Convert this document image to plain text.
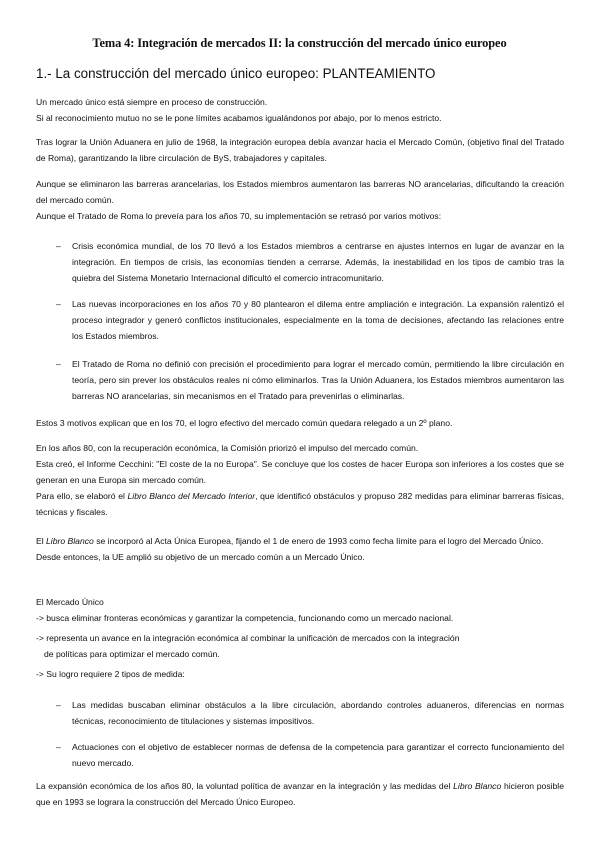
Tema 4: Integración de mercados II: la construcción del mercado único europeo
1.- La construcción del mercado único europeo: PLANTEAMIENTO

Un mercado único está siempre en proceso de construcción.

Si al reconocimiento mutuo no se le pone límites acabamos igualándonos por abajo, por lo menos estricto.

Tras lograr la Unión Aduanera en julio de 1968, la integración europea debía avanzar hacia el Mercado Común, (objetivo final del Tratado de Roma), garantizando la libre circulación de ByS, trabajadores y capitales.
Aunque se eliminaron las barreras arancelarias, los Estados miembros aumentaron las barreras NO arancelarias, dificultando la creación del mercado común.
Aunque el Tratado de Roma lo preveía para los años 70, su implementación se retrasó por varios motivos:
– Crisis económica mundial, de los 70 llevó a los Estados miembros a centrarse en ajustes internos en lugar de avanzar en la integración. En tiempos de crisis, las economías tienden a cerrarse. Además, la inestabilidad en los tipos de cambio tras la quiebra del Sistema Monetario Internacional dificultó el comercio intracomunitario.
– Las nuevas incorporaciones en los años 70 y 80 plantearon el dilema entre ampliación e integración. La expansión ralentizó el proceso integrador y generó conflictos institucionales, especialmente en la toma de decisiones, afectando las relaciones entre los Estados miembros.
– El Tratado de Roma no definió con precisión el procedimiento para lograr el mercado común, permitiendo la libre circulación en teoría, pero sin prever los obstáculos reales ni cómo eliminarlos. Tras la Unión Aduanera, los Estados miembros aumentaron las barreras NO arancelarias, sin mecanismos en el Tratado para prevenirlas o eliminarlas.
Estos 3 motivos explican que en los 70, el logro efectivo del mercado común quedara relegado a un 2º plano.

En los años 80, con la recuperación económica, la Comisión priorizó el impulso del mercado común.

Esta creó, el Informe Cecchini: "El coste de la no Europa". Se concluye que los costes de hacer Europa son inferiores a los costes que se generan en una Europa sin mercado común.

Para ello, se elaboró el Libro Blanco del Mercado Interior, que identificó obstáculos y propuso 282 medidas para eliminar barreras físicas, técnicas y fiscales.

El Libro Blanco se incorporó al Acta Única Europea, fijando el 1 de enero de 1993 como fecha límite para el logro del Mercado Único.

Desde entonces, la UE amplió su objetivo de un mercado común a un Mercado Único.

El Mercado Único

-> busca eliminar fronteras económicas y garantizar la competencia, funcionando como un mercado nacional.

-> representa un avance en la integración económica al combinar la unificación de mercados con la integración

de políticas para optimizar el mercado común.

-> Su logro requiere 2 tipos de medida:

– Las medidas buscaban eliminar obstáculos a la libre circulación, abordando controles aduaneros, diferencias en normas técnicas, reconocimiento de titulaciones y sistemas impositivos.
– Actuaciones con el objetivo de establecer normas de defensa de la competencia para garantizar el correcto funcionamiento del nuevo mercado.

La expansión económica de los años 80, la voluntad política de avanzar en la integración y las medidas del Libro Blanco hicieron posible que en 1993 se lograra la construcción del Mercado Único Europeo.
